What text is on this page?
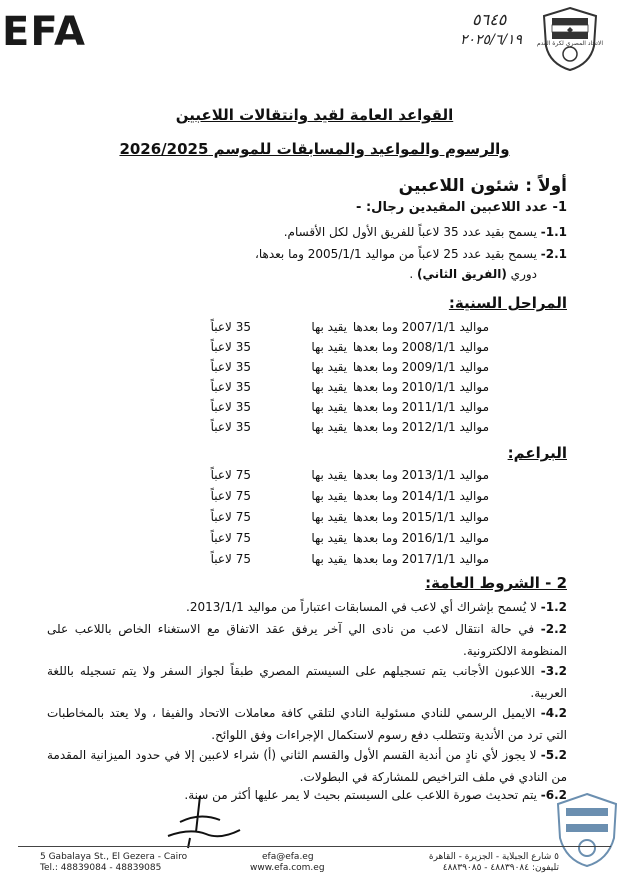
EFA	٥٦٤٥
٢٠٢٥/٦/١٩ الاتحاد المصري لكرة القدم
القواعد العامة لقيد وانتقالات اللاعبين
والرسوم والمواعيد والمسابقات للموسم 2026/2025
أولاً : شئون اللاعبين
1- عدد اللاعبين المقيدين رجال: -
1.1- يسمح بقيد عدد 35 لاعباً للفريق الأول لكل الأقسام.
2.1- يسمح بقيد عدد 25 لاعباً من مواليد 2005/1/1 وما بعدها،
دوري (الفريق الثاني) .
المراحل السنية:
مواليد 2007/1/1 وما بعدها
يقيد بها
35 لاعباً
مواليد 2008/1/1 وما بعدها
يقيد بها
35 لاعباً
مواليد 2009/1/1 وما بعدها
يقيد بها
35 لاعباً
مواليد 2010/1/1 وما بعدها
يقيد بها
35 لاعباً
مواليد 2011/1/1 وما بعدها
يقيد بها
35 لاعباً
مواليد 2012/1/1 وما بعدها
يقيد بها
35 لاعباً
البراعم:
مواليد 2013/1/1 وما بعدها
يقيد بها
75 لاعباً
مواليد 2014/1/1 وما بعدها
يقيد بها
75 لاعباً
مواليد 2015/1/1 وما بعدها
يقيد بها
75 لاعباً
مواليد 2016/1/1 وما بعدها
يقيد بها
75 لاعباً
مواليد 2017/1/1 وما بعدها
يقيد بها
75 لاعباً
2 - الشروط العامة:
1.2- لا يُسمح بإشراك أي لاعب في المسابقات اعتباراً من مواليد 2013/1/1.
2.2- في حالة انتقال لاعب من نادى الي آخر يرفق عقد الاتفاق مع الاستغناء الخاص باللاعب على المنظومة الالكترونية.
3.2- اللاعبون الأجانب يتم تسجيلهم على السيستم المصري طبقاً لجواز السفر ولا يتم تسجيله باللغة العربية.
4.2- الايميل الرسمي للنادي مسئولية النادي لتلقي كافة معاملات الاتحاد والفيفا ، ولا يعتد بالمخاطبات التي ترد من الأندية وتتطلب دفع رسوم لاستكمال الإجراءات وفق اللوائح.
5.2- لا يجوز لأي نادٍ من أندية القسم الأول والقسم الثاني (أ) شراء لاعبين إلا في حدود الميزانية المقدمة من النادي في ملف التراخيص للمشاركة في البطولات.
6.2- يتم تحديث صورة اللاعب على السيستم بحيث لا يمر عليها أكثر من سنة.
5 Gabalaya St., El Gezera - Cairo
Tel.: 48839084 - 48839085
efa@efa.eg
www.efa.com.eg
٥ شارع الجبلاية - الجزيرة - القاهرة
تليفون: ٤٨٨٣٩٠٨٤ - ٤٨٨٣٩٠٨٥
